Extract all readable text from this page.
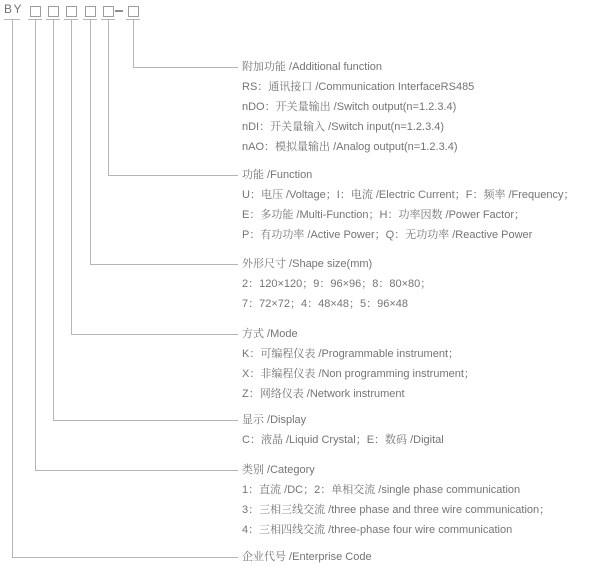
BY
附加功能 /Additional function
RS：通讯接口 /Communication InterfaceRS485
nDO：开关量输出 /Switch output(n=1.2.3.4)
nDI：开关量输入 /Switch input(n=1.2.3.4)
nAO：模拟量输出 /Analog output(n=1.2.3.4)
功能 /Function
U：电压 /Voltage；I：电流 /Electric Current；F：频率 /Frequency；
E：多功能 /Multi-Function；H：功率因数 /Power Factor；
P：有功功率 /Active Power；Q：无功功率 /Reactive Power
外形尺寸 /Shape size(mm)
2：120×120；9：96×96；8：80×80；
7：72×72；4：48×48；5：96×48
方式 /Mode
K：可编程仪表 /Programmable instrument；
X：非编程仪表 /Non programming instrument；
Z：网络仪表 /Network instrument
显示 /Display
C：液晶 /Liquid Crystal；E：数码 /Digital
类别 /Category
1：直流 /DC；2：单相交流 /single phase communication
3：三相三线交流 /three phase and three wire communication；
4：三相四线交流 /three-phase four wire communication
企业代号 /Enterprise Code
